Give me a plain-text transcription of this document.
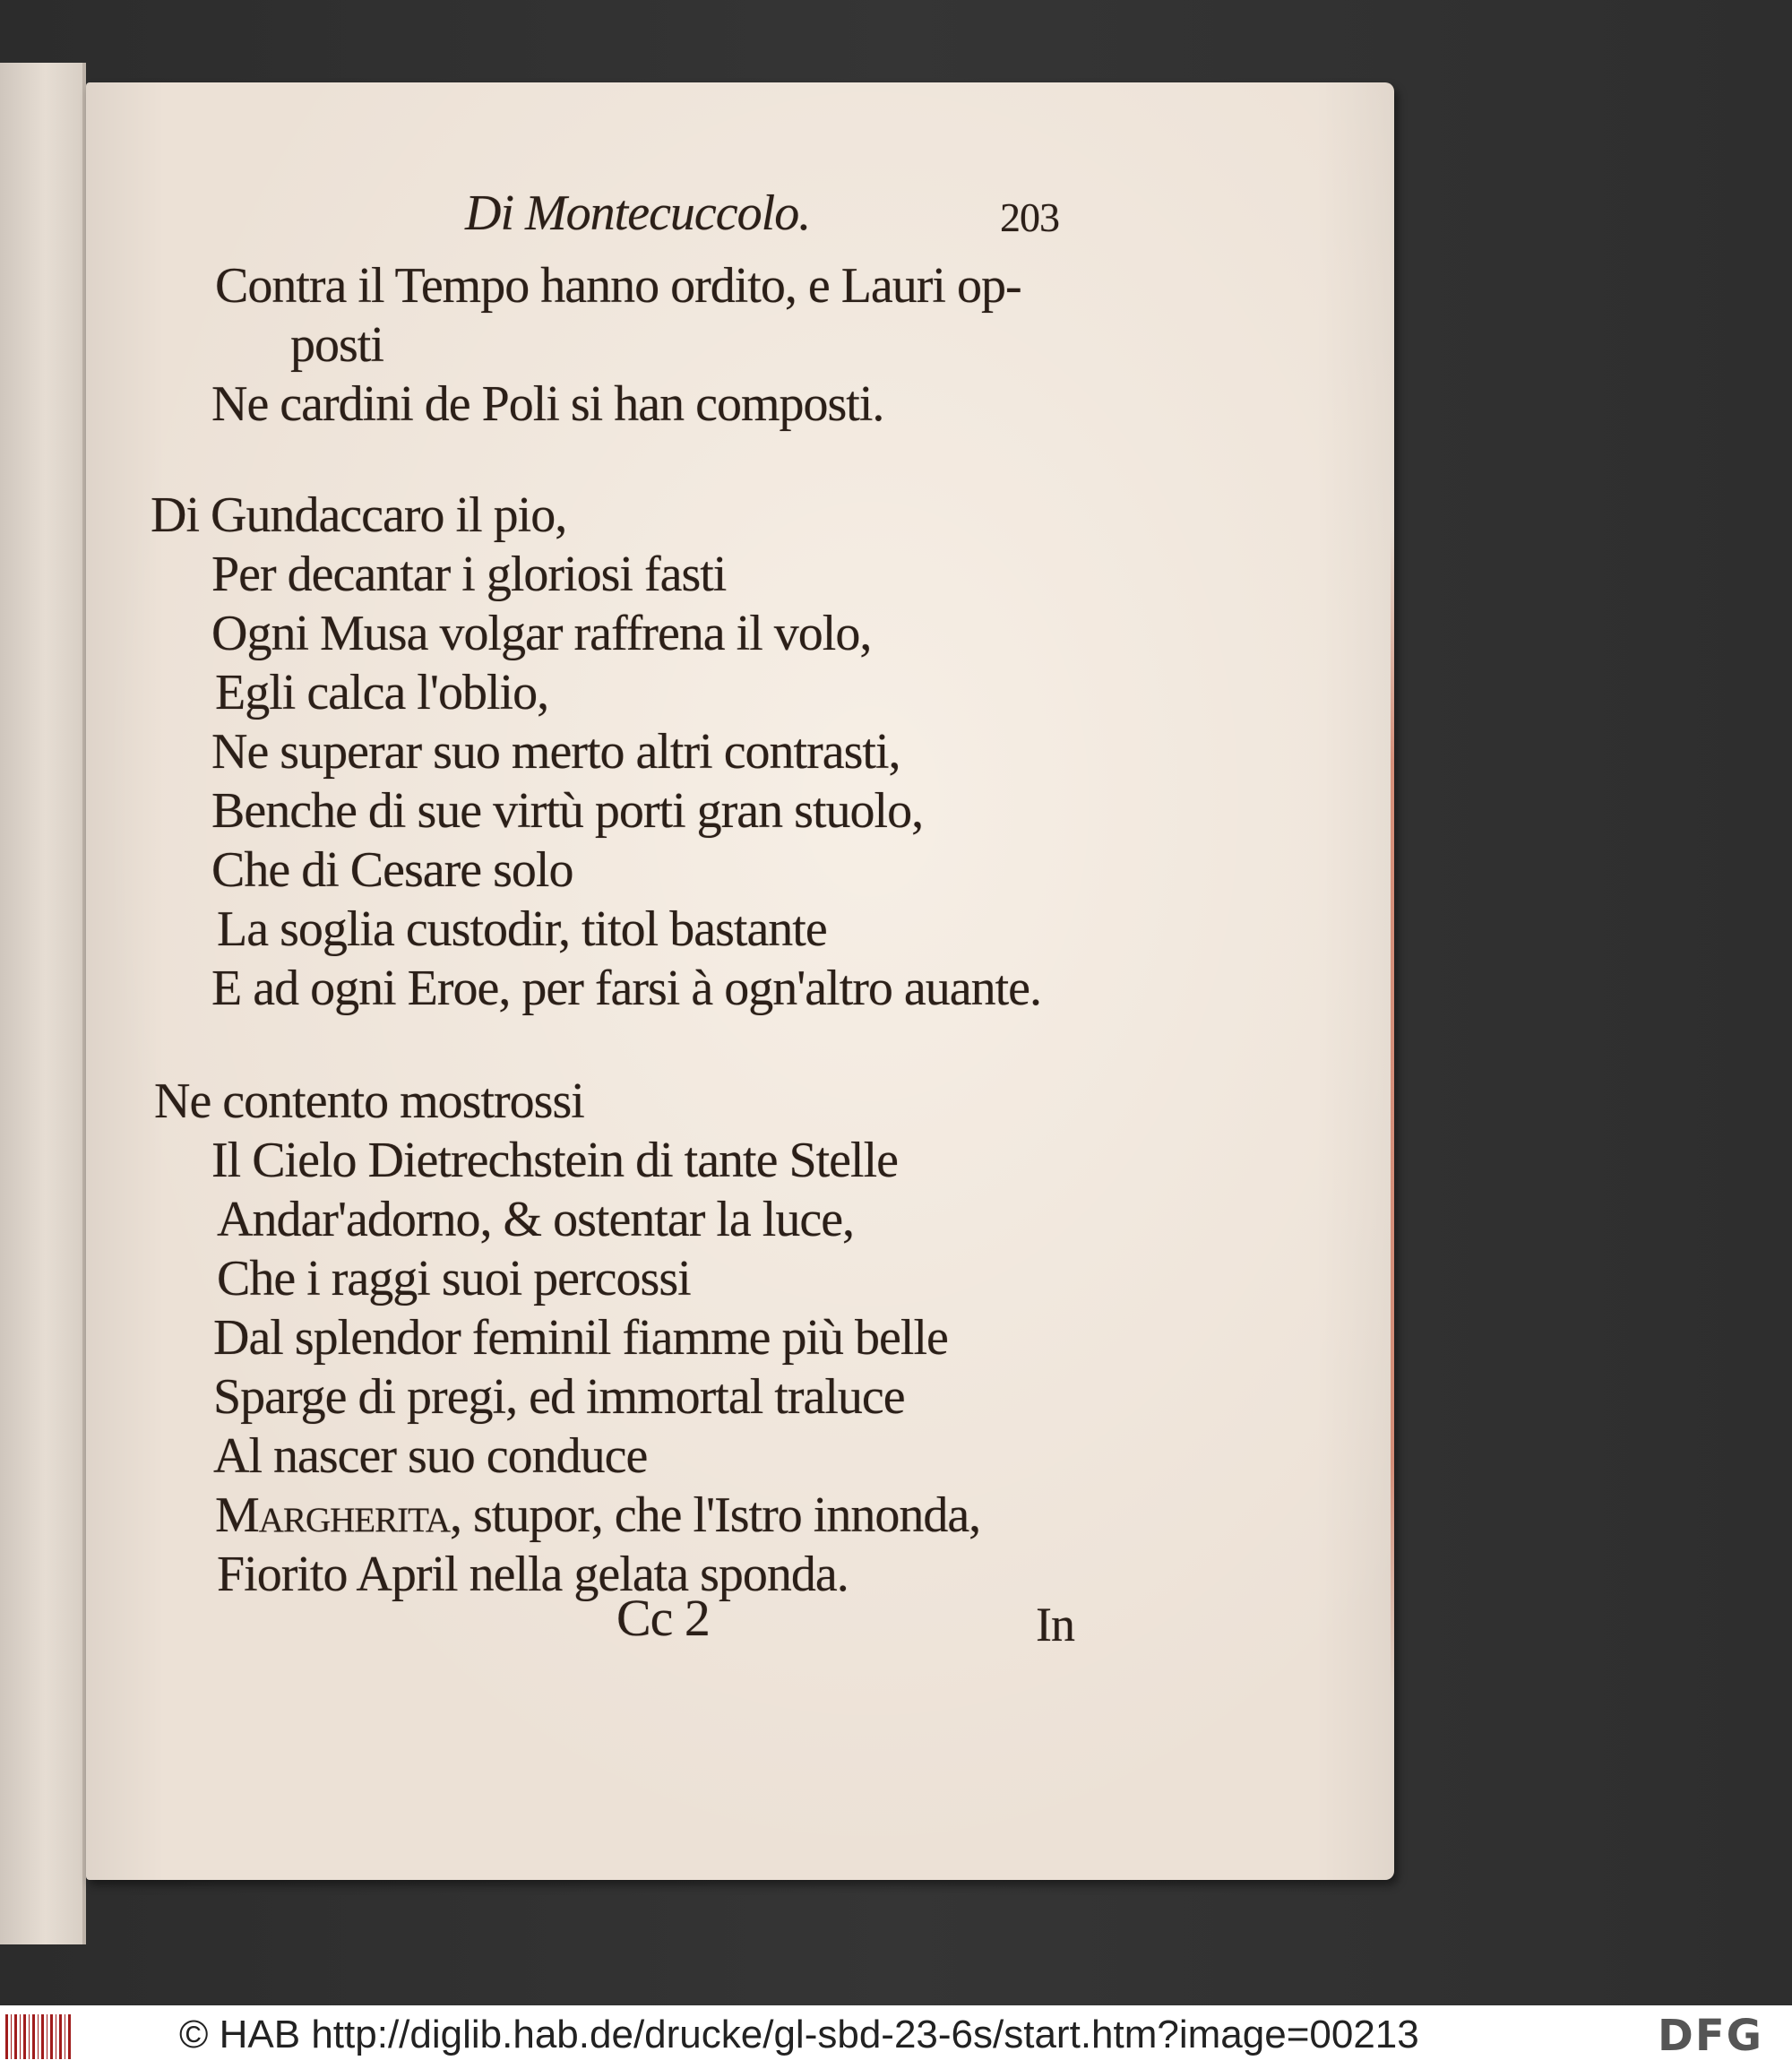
Di Montecuccolo.	203
Contra il Tempo hanno ordito, e Lauri op-
posti
Ne cardini de Poli si han composti.
Di Gundaccaro il pio,
Per decantar i gloriosi fasti
Ogni Musa volgar raffrena il volo,
Egli calca l'oblio,
Ne superar suo merto altri contrasti,
Benche di sue virtù porti gran stuolo,
Che di Cesare solo
La soglia custodir, titol bastante
E ad ogni Eroe, per farsi à ogn'altro auante.
Ne contento mostrossi
Il Cielo Dietrechstein di tante Stelle
Andar'adorno, & ostentar la luce,
Che i raggi suoi percossi
Dal splendor feminil fiamme più belle
Sparge di pregi, ed immortal traluce
Al nascer suo conduce
Margherita, stupor, che l'Istro innonda,
Fiorito April nella gelata sponda.
Cc 2	In
© HAB http://diglib.hab.de/drucke/gl-sbd-23-6s/start.htm?image=00213	DFG
